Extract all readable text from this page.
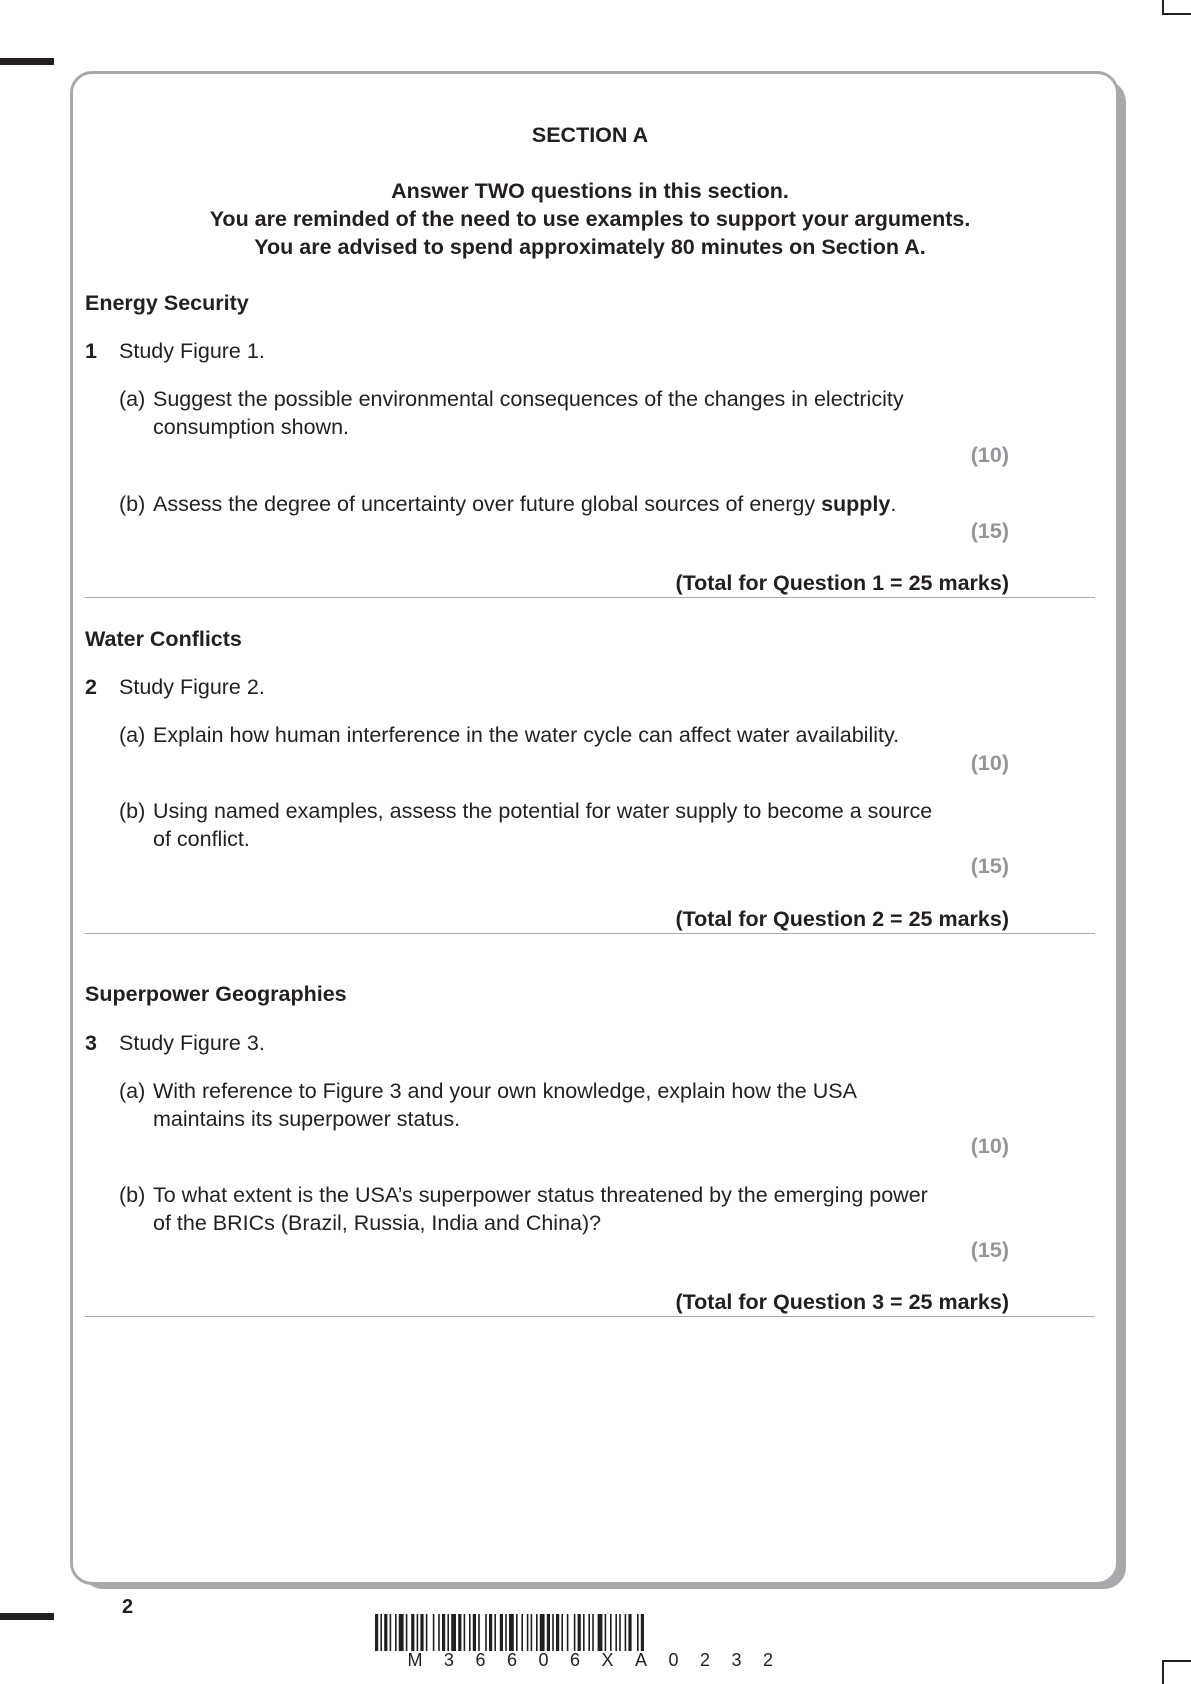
SECTION A
Answer TWO questions in this section.
You are reminded of the need to use examples to support your arguments.
You are advised to spend approximately 80 minutes on Section A.
Energy Security
1 Study Figure 1.
(a) Suggest the possible environmental consequences of the changes in electricity
consumption shown.
(10)
(b) Assess the degree of uncertainty over future global sources of energy supply.
(15)
(Total for Question 1 = 25 marks)
Water Conflicts
2 Study Figure 2.
(a) Explain how human interference in the water cycle can affect water availability.
(10)
(b) Using named examples, assess the potential for water supply to become a source
of conflict.
(15)
(Total for Question 2 = 25 marks)
Superpower Geographies
3 Study Figure 3.
(a) With reference to Figure 3 and your own knowledge, explain how the USA
maintains its superpower status.
(10)
(b) To what extent is the USA’s superpower status threatened by the emerging power
of the BRICs (Brazil, Russia, India and China)?
(15)
(Total for Question 3 = 25 marks)
2
M36606XA0232
